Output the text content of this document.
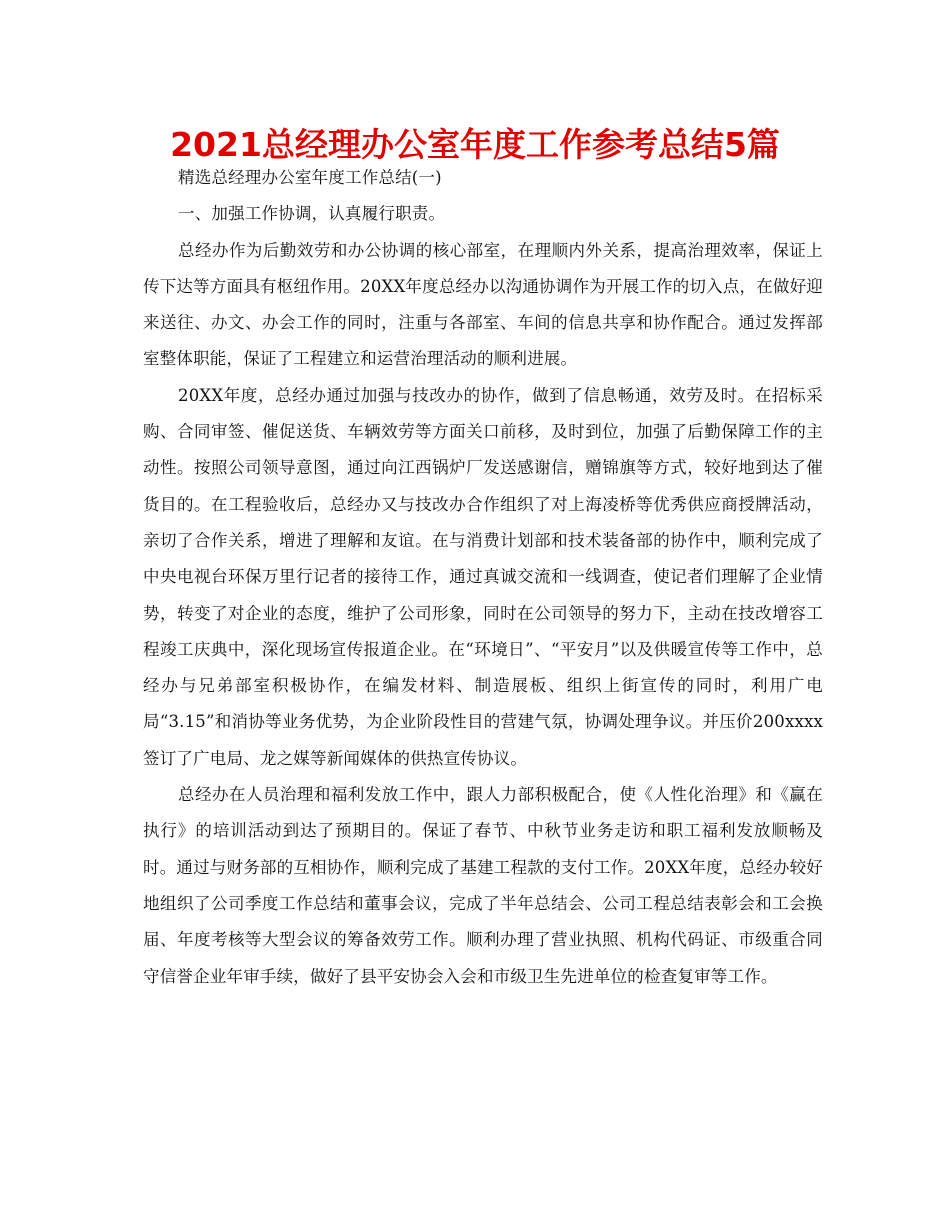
2021总经理办公室年度工作参考总结5篇

精选总经理办公室年度工作总结(一)

一、加强工作协调，认真履行职责。

总经办作为后勤效劳和办公协调的核心部室，在理顺内外关系，提高治理效率，保证上传下达等方面具有枢纽作用。20XX年度总经办以沟通协调作为开展工作的切入点，在做好迎来送往、办文、办会工作的同时，注重与各部室、车间的信息共享和协作配合。通过发挥部室整体职能，保证了工程建立和运营治理活动的顺利进展。

20XX年度，总经办通过加强与技改办的协作，做到了信息畅通，效劳及时。在招标采购、合同审签、催促送货、车辆效劳等方面关口前移，及时到位，加强了后勤保障工作的主动性。按照公司领导意图，通过向江西锅炉厂发送感谢信，赠锦旗等方式，较好地到达了催货目的。在工程验收后，总经办又与技改办合作组织了对上海凌桥等优秀供应商授牌活动，亲切了合作关系，增进了理解和友谊。在与消费计划部和技术装备部的协作中，顺利完成了中央电视台环保万里行记者的接待工作，通过真诚交流和一线调查，使记者们理解了企业情势，转变了对企业的态度，维护了公司形象，同时在公司领导的努力下，主动在技改增容工程竣工庆典中，深化现场宣传报道企业。在“环境日”、“平安月”以及供暖宣传等工作中，总经办与兄弟部室积极协作，在编发材料、制造展板、组织上街宣传的同时，利用广电局“3.15”和消协等业务优势，为企业阶段性目的营建气氛，协调处理争议。并压价200xxxx签订了广电局、龙之媒等新闻媒体的供热宣传协议。

总经办在人员治理和福利发放工作中，跟人力部积极配合，使《人性化治理》和《赢在执行》的培训活动到达了预期目的。保证了春节、中秋节业务走访和职工福利发放顺畅及时。通过与财务部的互相协作，顺利完成了基建工程款的支付工作。20XX年度，总经办较好地组织了公司季度工作总结和董事会议，完成了半年总结会、公司工程总结表彰会和工会换届、年度考核等大型会议的筹备效劳工作。顺利办理了营业执照、机构代码证、市级重合同守信誉企业年审手续，做好了县平安协会入会和市级卫生先进单位的检查复审等工作。
